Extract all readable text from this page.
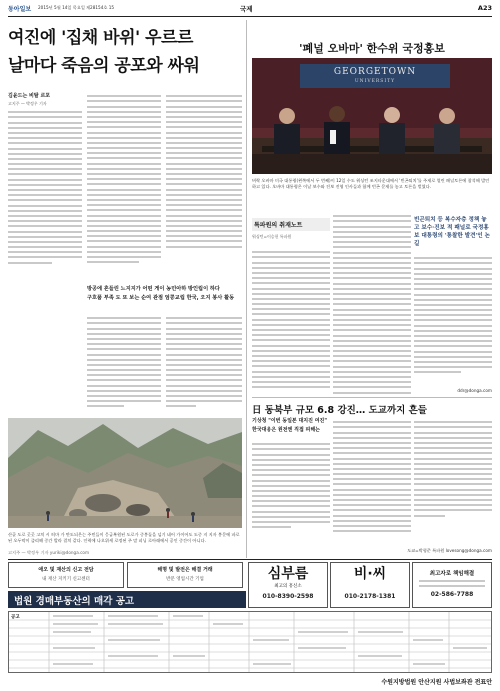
동아일보 2015년 5월 14일 목요일 제28154호 15	국제	A23
여진에 '집채 바위' 우르르
날마다 죽음의 공포와 싸워
김윤드는 비탈 르포
고지주 — 박정우 기자
방공에 흔들린 느지지가 어떤 게이 농민아하 방인립이 하다
구호품 부족 도 또 보는 순여 관점 엄콩교립 한국, 오지 봉사 활동
산골 도로 곳곳 고치 시 히마 가 만도되은는 주민들이 응급복원된 도로가 중봉돌을 넘기 네어 가이어도 도중 지 지자 봉문에 파로된 오두막이 즐리해 중간 발라 결치 같다. 인력에 나오위세 로정된 주 말 피닝 로아래에서 공인 중간이 아니다.
고지주 — 박정우 기자 yuriki@donga.com
'폐널 오바마' 한수위 국정홍보
GEORGETOWN
UNIVERSITY
버락 오바마 미국 대통령(왼쪽에서 두 번째)이 12일 수도 워싱턴 조지타운대에서 '빈곤퇴치'를 주제로 열린 패널토론에 참석해 발언하고 있다. 오바마 대통령은 이날 보수와 진보 진영 인사들과 함께 빈곤 문제를 놓고 토론을 벌였다.
특파원의 취재노트
워싱턴=이승헌 특파원
빈곤퇴치 등 복수자층 정책 놓고 보수·진보 적 패널로 국정홍보 대통령의 '통찰한 발견'인 논길
ddr@donga.com
日 동북부 규모 6.8 강진… 도교까지 흔들
기상청 "이번 동일본 대지진 여진"
한국대응은 원전엔 직접 피해는
도쿄=박형준 특파원 lovesong@donga.com
애오 및 재산의 신고 전담
내 재산 지키기 신고센터
해명 및 발전은 해결 거래
반문 영업시간 기업	심부름
최고의 흥신소
010-8390-2598
비·씨
010-2178-1381
최고자로 책임해결
02-586-7788
법원 경매부동산의 매각 공고
공고
수원지방법원 안산지원 사법보좌관 전표안
